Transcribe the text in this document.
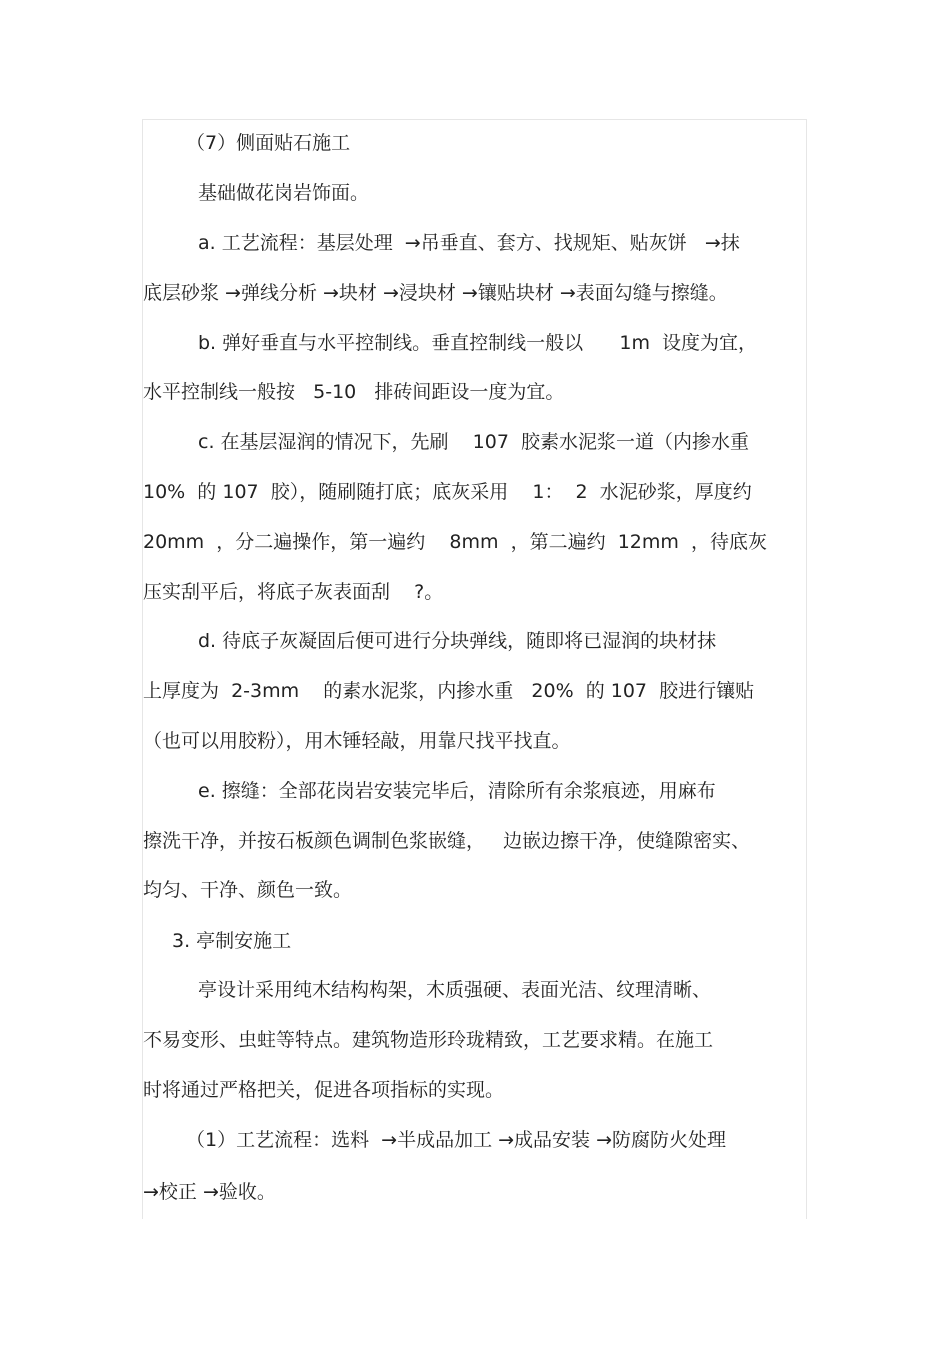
（7）侧面贴石施工

基础做花岗岩饰面。

a. 工艺流程：基层处理  →吊垂直、套方、找规矩、贴灰饼   →抹

底层砂浆 →弹线分析 →块材 →浸块材 →镶贴块材 →表面勾缝与擦缝。

b. 弹好垂直与水平控制线。垂直控制线一般以      1m  设度为宜，

水平控制线一般按   5-10   排砖间距设一度为宜。

c. 在基层湿润的情况下，先刷    107  胶素水泥浆一道（内掺水重

10%  的 107  胶），随刷随打底；底灰采用    1：  2  水泥砂浆，厚度约

20mm  ，分二遍操作，第一遍约    8mm  ，第二遍约  12mm  ，待底灰

压实刮平后，将底子灰表面刮    ?。

d. 待底子灰凝固后便可进行分块弹线，随即将已湿润的块材抹

上厚度为  2-3mm    的素水泥浆，内掺水重   20%  的 107  胶进行镶贴

（也可以用胶粉），用木锤轻敲，用靠尺找平找直。

e. 擦缝：全部花岗岩安装完毕后，清除所有余浆痕迹，用麻布

擦洗干净，并按石板颜色调制色浆嵌缝，   边嵌边擦干净，使缝隙密实、

均匀、干净、颜色一致。

3. 亭制安施工

亭设计采用纯木结构构架，木质强硬、表面光洁、纹理清晰、

不易变形、虫蛀等特点。建筑物造形玲珑精致，工艺要求精。在施工

时将通过严格把关，促进各项指标的实现。

（1）工艺流程：选料  →半成品加工 →成品安装 →防腐防火处理

→校正 →验收。
